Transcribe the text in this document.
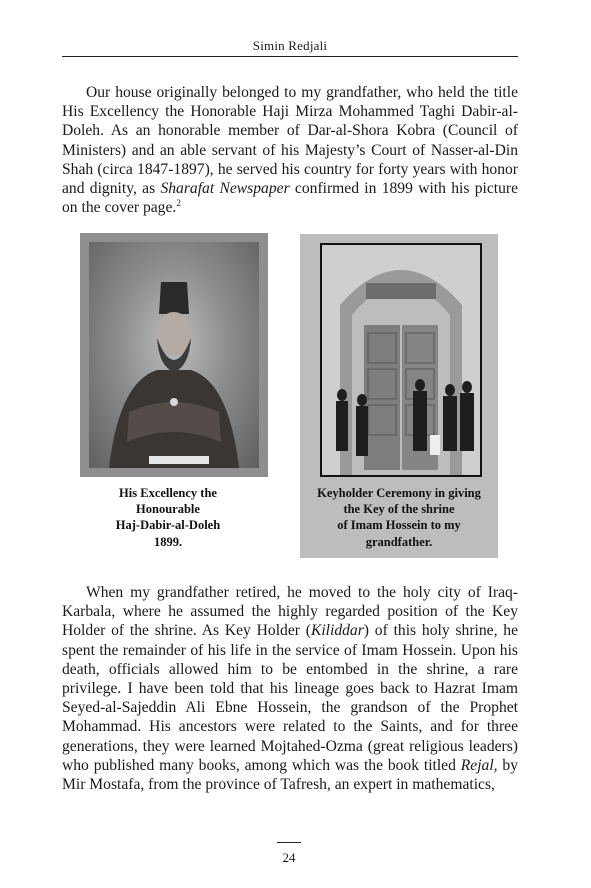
Simin Redjali

Our house originally belonged to my grandfather, who held the title His Excellency the Honorable Haji Mirza Mohammed Taghi Dabir-al-Doleh. As an honorable member of Dar-al-Shora Kobra (Council of Ministers) and an able servant of his Majesty’s Court of Nasser-al-Din Shah (circa 1847-1897), he served his country for forty years with honor and dignity, as Sharafat Newspaper confirmed in 1899 with his picture on the cover page.$^2$

His Excellency the
Honourable
Haj-Dabir-al-Doleh
1899.
Keyholder Ceremony in giving
the Key of the shrine
of Imam Hossein to my
grandfather.

When my grandfather retired, he moved to the holy city of Iraq-Karbala, where he assumed the highly regarded position of the Key Holder of the shrine. As Key Holder (Kiliddar) of this holy shrine, he spent the remainder of his life in the service of Imam Hossein. Upon his death, officials allowed him to be entombed in the shrine, a rare privilege. I have been told that his lineage goes back to Hazrat Imam Seyed-al-Sajeddin Ali Ebne Hossein, the grandson of the Prophet Mohammad. His ancestors were related to the Saints, and for three generations, they were learned Mojtahed-Ozma (great religious leaders) who published many books, among which was the book titled Rejal, by Mir Mostafa, from the province of Tafresh, an expert in mathematics,

24
